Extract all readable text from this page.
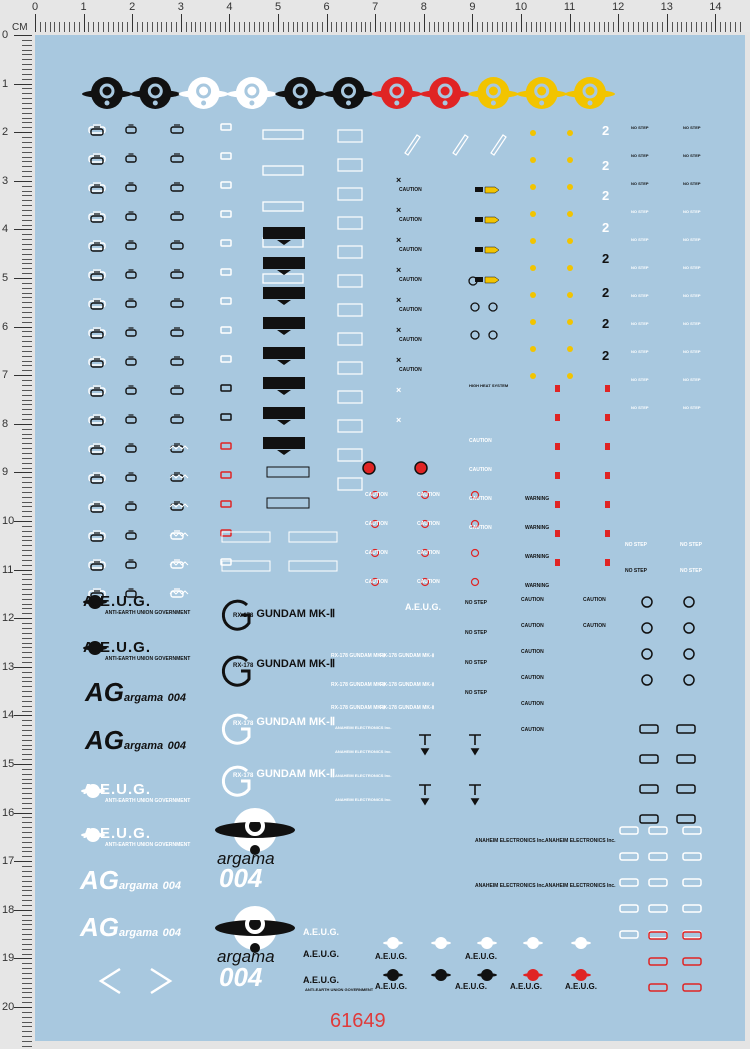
CM
0	1	2	3	4	5	6	7	8	9	10	11	12	13	14
0
1
2
3
4
5
6
7
8
9
10
11
12
13
14
15
16
17
18
19
20
×
×
×
×
×
×
×
×
×
2
2
2
2
2
2
2
2
A.E.U.G.
ANTI-EARTH UNION GOVERNMENT
A.E.U.G.
ANTI-EARTH UNION GOVERNMENT
A.E.U.G.
ANTI-EARTH UNION GOVERNMENT
A.E.U.G.
ANTI-EARTH UNION GOVERNMENT
AGargama 004
AGargama 004
AGargama 004
AGargama 004
RX-178 GUNDAM MK-Ⅱ
RX-178 GUNDAM MK-Ⅱ
RX-178 GUNDAM MK-Ⅱ
RX-178 GUNDAM MK-Ⅱ
argama
004
argama
004
CAUTION
CAUTION
CAUTION
CAUTION
CAUTION
CAUTION
CAUTION
CAUTION
CAUTION
CAUTION
CAUTION
CAUTION
CAUTION
CAUTION
CAUTION
CAUTION
CAUTION
CAUTION
CAUTION
WARNING
WARNING
WARNING
WARNING
HIGH HEAT SYSTEM
CAUTION
CAUTION
CAUTION
CAUTION
CAUTION
CAUTION
CAUTION
CAUTION
NO STEP
NO STEP
NO STEP
NO STEP
NO STEP	NO STEP
NO STEP	NO STEP
NO STEP	NO STEP
NO STEP	NO STEP
NO STEP	NO STEP
NO STEP	NO STEP
NO STEP	NO STEP
NO STEP	NO STEP
NO STEP	NO STEP
NO STEP	NO STEP
NO STEP	NO STEP
NO STEP	NO STEP
NO STEP	NO STEP
A.E.U.G.
RX-178 GUNDAM MK-Ⅱ
RX-178 GUNDAM MK-Ⅱ
RX-178 GUNDAM MK-Ⅱ
RX-178 GUNDAM MK-Ⅱ
RX-178 GUNDAM MK-Ⅱ
RX-178 GUNDAM MK-Ⅱ
ANAHEIM ELECTRONICS Inc.
ANAHEIM ELECTRONICS Inc.
ANAHEIM ELECTRONICS Inc.
ANAHEIM ELECTRONICS Inc.
ANAHEIM ELECTRONICS Inc. ANAHEIM ELECTRONICS Inc.
ANAHEIM ELECTRONICS Inc. ANAHEIM ELECTRONICS Inc.
A.E.U.G.
A.E.U.G.
A.E.U.G.
A.E.U.G.	A.E.U.G.
A.E.U.G.
A.E.U.G.	A.E.U.G.	A.E.U.G.
ANTI-EARTH UNION GOVERNMENT
61649
